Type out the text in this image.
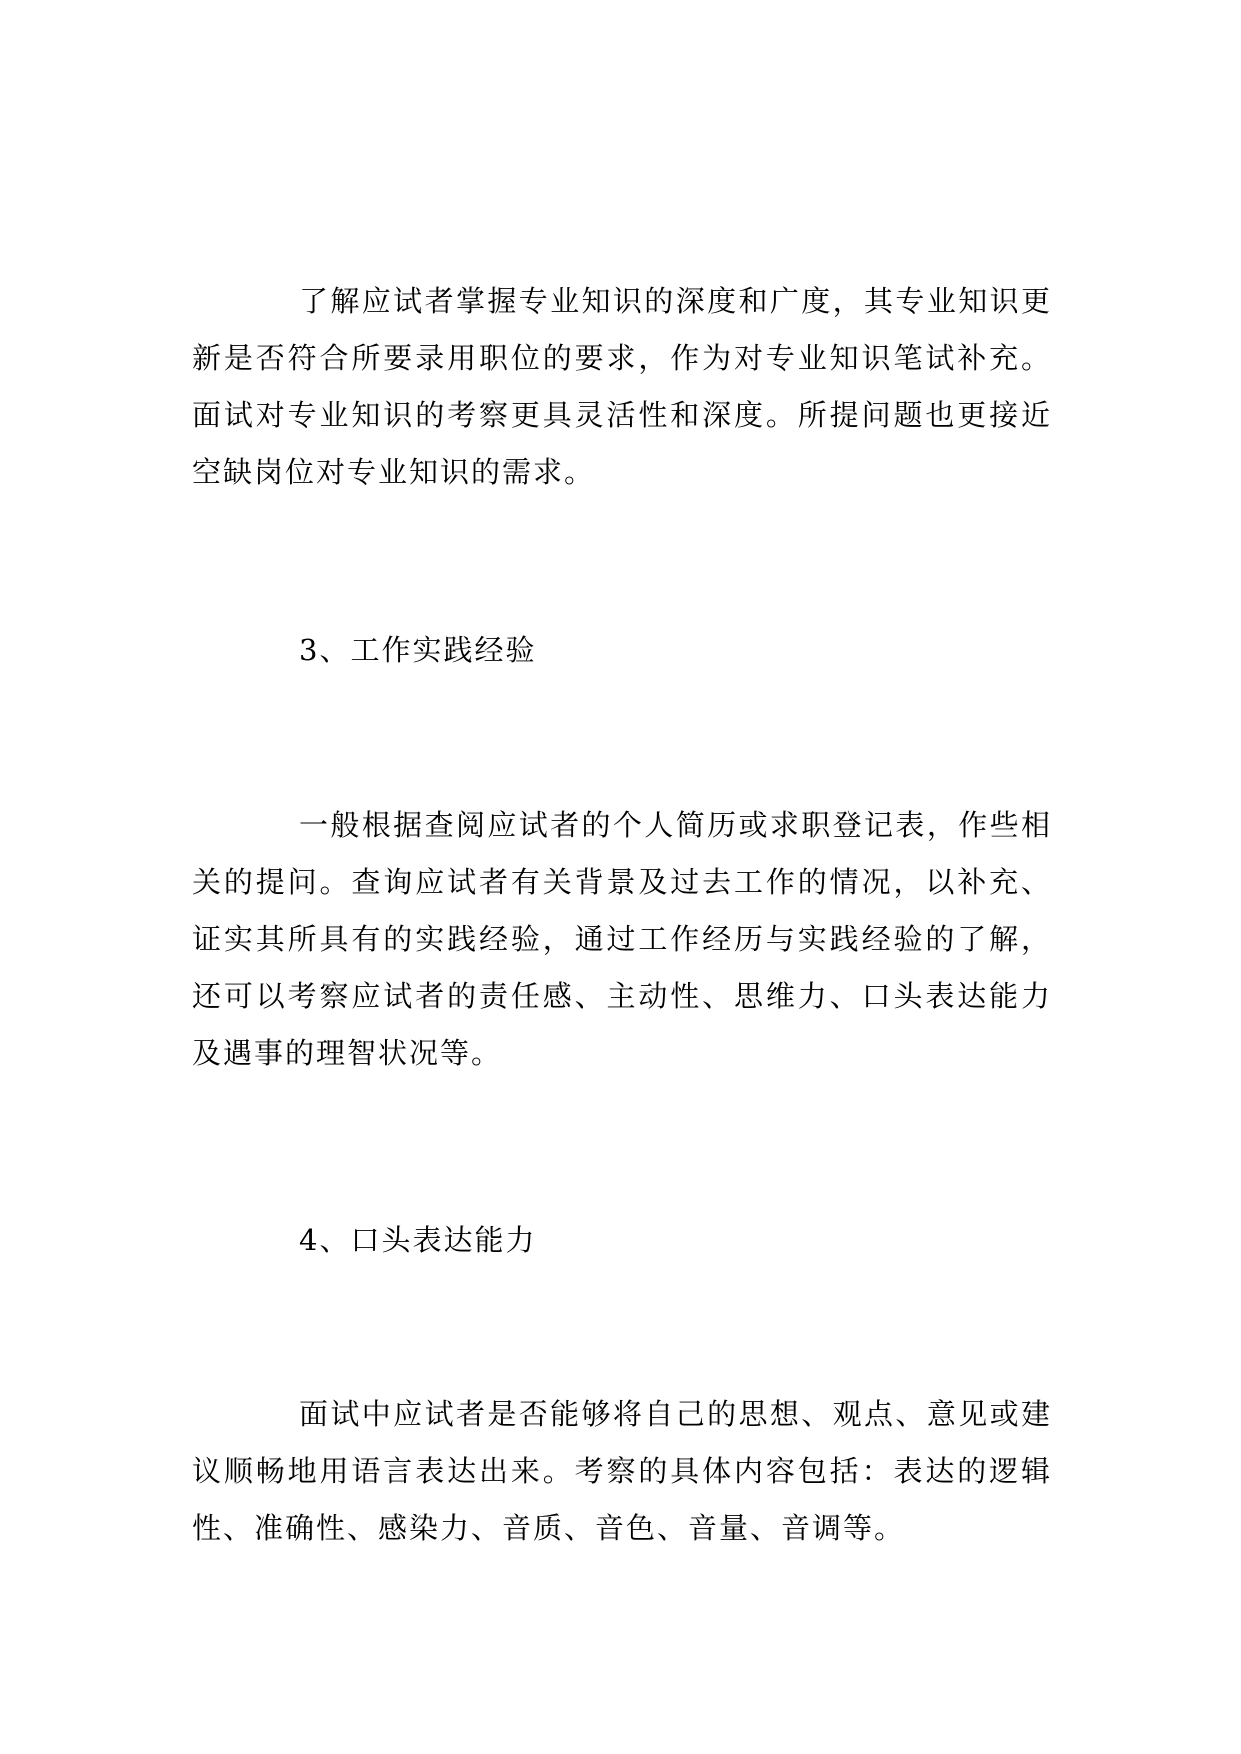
了解应试者掌握专业知识的深度和广度，其专业知识更新是否符合所要录用职位的要求，作为对专业知识笔试补充。面试对专业知识的考察更具灵活性和深度。所提问题也更接近空缺岗位对专业知识的需求。

3、工作实践经验

一般根据查阅应试者的个人简历或求职登记表，作些相关的提问。查询应试者有关背景及过去工作的情况，以补充、证实其所具有的实践经验，通过工作经历与实践经验的了解，还可以考察应试者的责任感、主动性、思维力、口头表达能力及遇事的理智状况等。

4、口头表达能力

面试中应试者是否能够将自己的思想、观点、意见或建议顺畅地用语言表达出来。考察的具体内容包括：表达的逻辑性、准确性、感染力、音质、音色、音量、音调等。
